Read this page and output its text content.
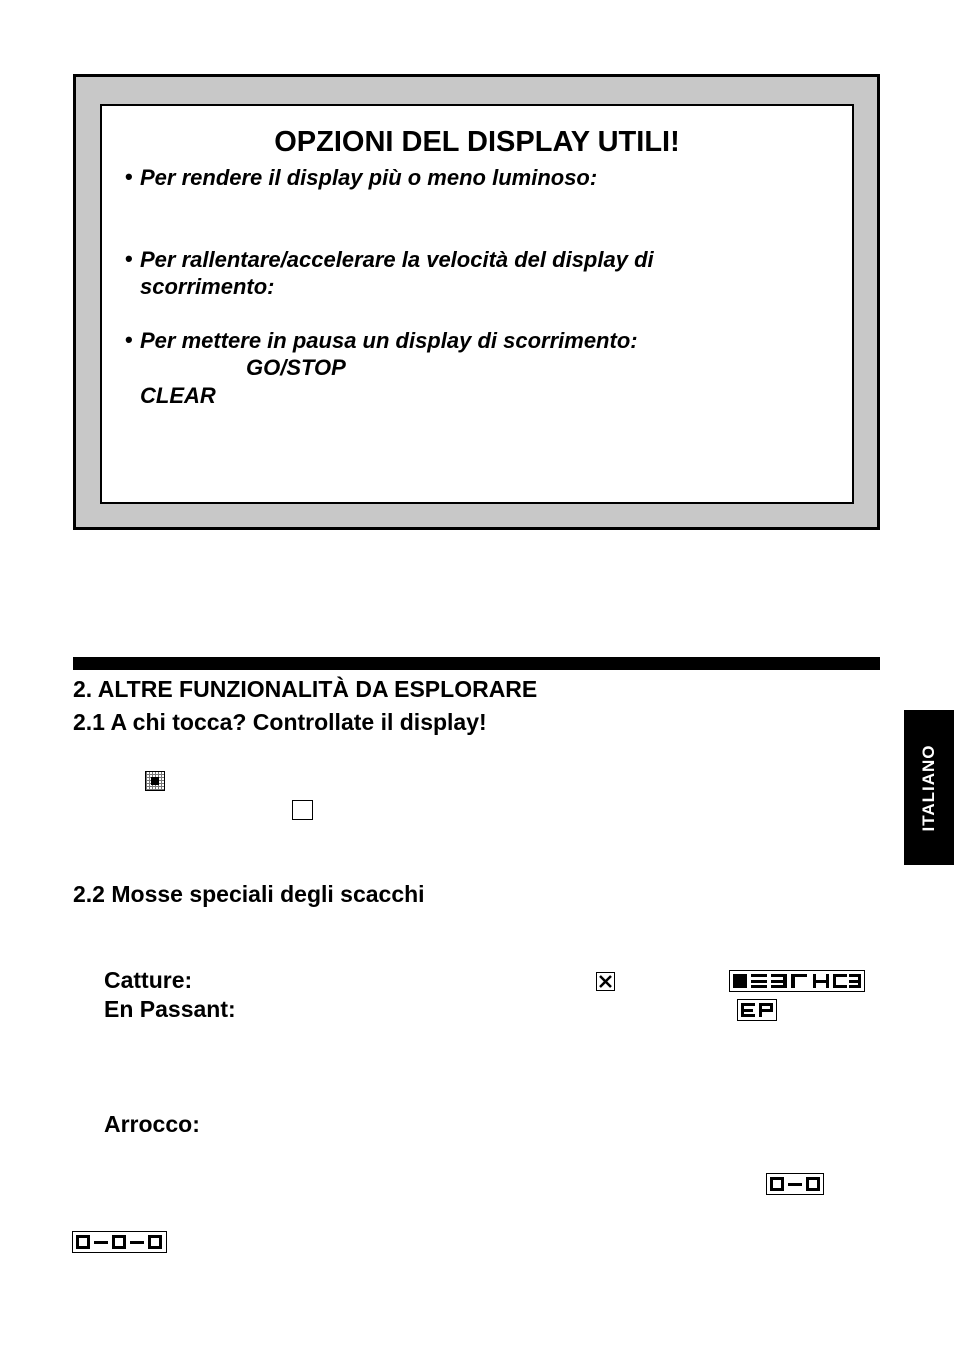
OPZIONI DEL DISPLAY UTILI!
• Per rendere il display più o meno luminoso:
• Per rallentare/accelerare la velocità del display di
scorrimento:
• Per mettere in pausa un display di scorrimento:
GO/STOP
CLEAR
2. ALTRE FUNZIONALITÀ DA ESPLORARE
2.1 A chi tocca? Controllate il display!
2.2 Mosse speciali degli scacchi
Catture:
En Passant:
Arrocco:
ITALIANO
